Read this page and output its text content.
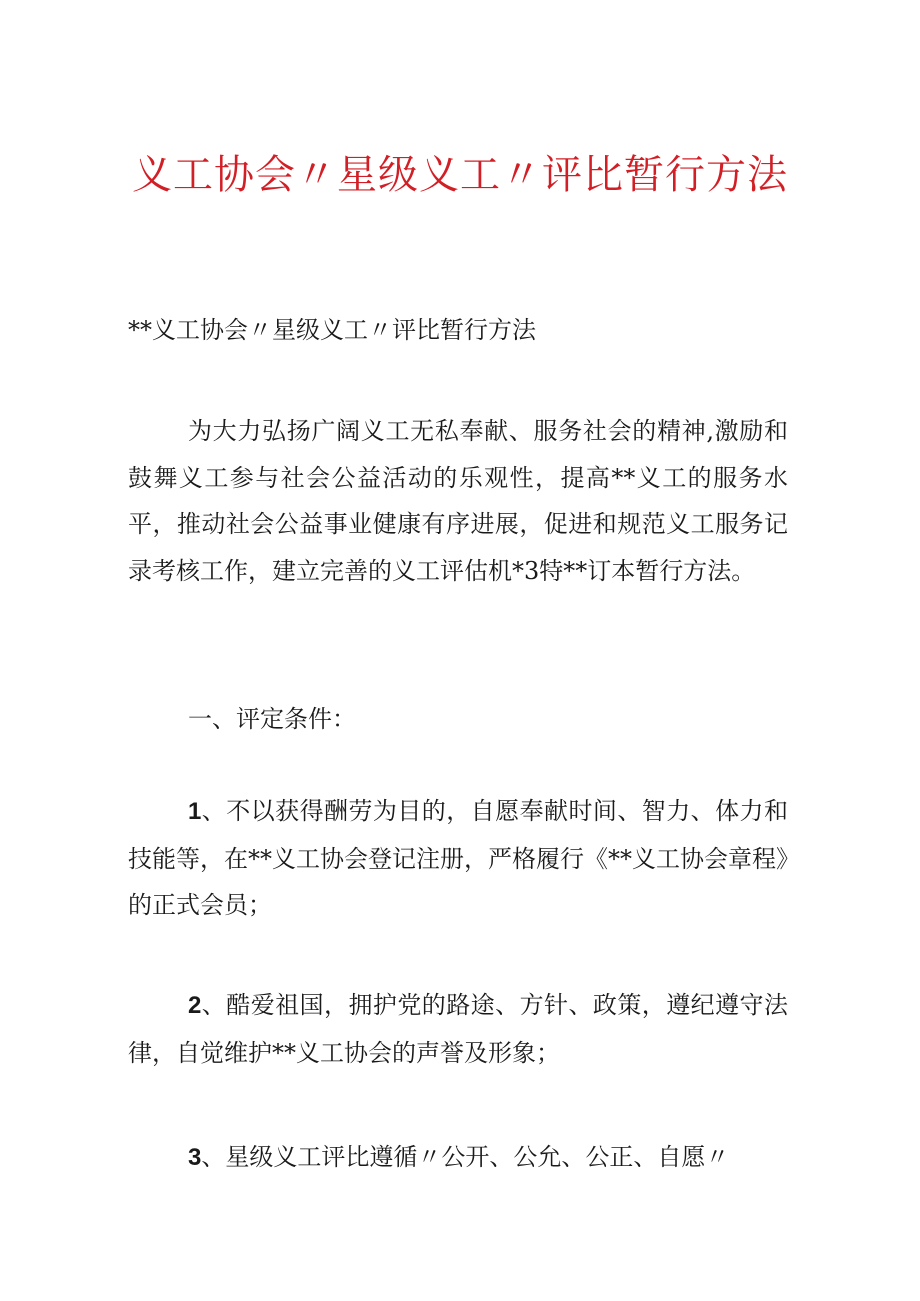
义工协会〃星级义工〃评比暂行方法

**义工协会〃星级义工〃评比暂行方法

为大力弘扬广阔义工无私奉献、服务社会的精神,激励和鼓舞义工参与社会公益活动的乐观性，提高**义工的服务水平，推动社会公益事业健康有序进展，促进和规范义工服务记录考核工作，建立完善的义工评估机*3特**订本暂行方法。

一、评定条件：

1、不以获得酬劳为目的，自愿奉献时间、智力、体力和技能等，在**义工协会登记注册，严格履行《**义工协会章程》的正式会员；

2、酷爱祖国，拥护党的路途、方针、政策，遵纪遵守法律，自觉维护**义工协会的声誉及形象；

3、星级义工评比遵循〃公开、公允、公正、自愿〃
